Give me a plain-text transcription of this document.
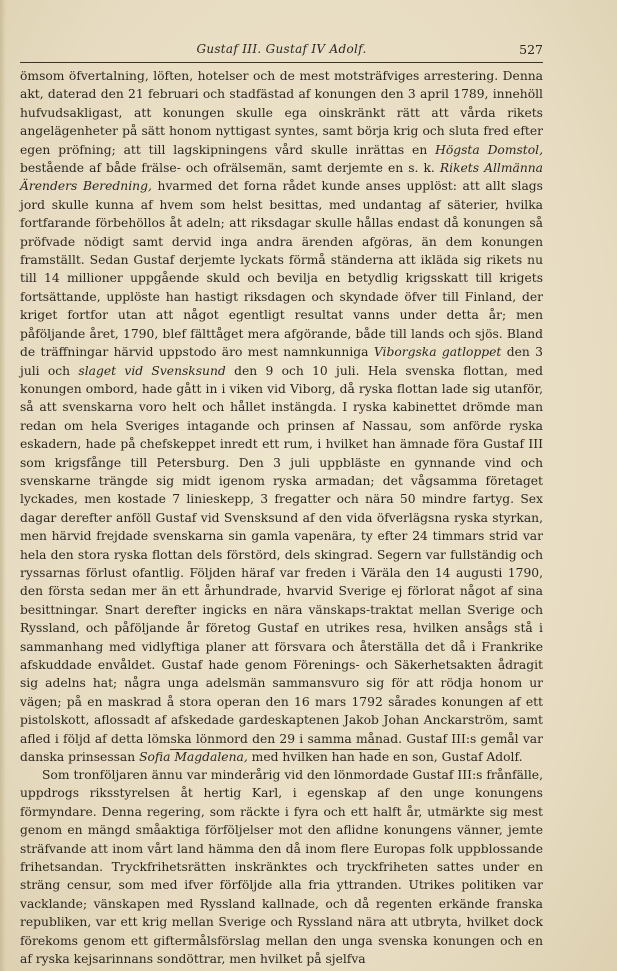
Gustaf III. Gustaf IV Adolf.	527

ömsom öfvertalning, löften, hotelser och de mest motsträfviges arrestering. Denna akt, daterad den 21 februari och stadfästad af konungen den 3 april 1789, innehöll hufvudsakligast, att konungen skulle ega oinskränkt rätt att vårda rikets angelägenheter på sätt honom nyttigast syntes, samt börja krig och sluta fred efter egen pröfning; att till lagskipningens vård skulle inrättas en Högsta Domstol, bestående af både frälse- och ofrälsemän, samt derjemte en s. k. Rikets Allmänna Ärenders Beredning, hvarmed det forna rådet kunde anses upplöst: att allt slags jord skulle kunna af hvem som helst besittas, med undantag af säterier, hvilka fortfarande förbehöllos åt adeln; att riksdagar skulle hållas endast då konungen så pröfvade nödigt samt dervid inga andra ärenden afgöras, än dem konungen framställt. Sedan Gustaf derjemte lyckats förmå ständerna att ikläda sig rikets nu till 14 millioner uppgående skuld och bevilja en betydlig krigsskatt till krigets fortsättande, upplöste han hastigt riksdagen och skyndade öfver till Finland, der kriget fortfor utan att något egentligt resultat vanns under detta år; men påföljande året, 1790, blef fälttåget mera afgörande, både till lands och sjös. Bland de träffningar härvid uppstodo äro mest namnkunniga Viborgska gatloppet den 3 juli och slaget vid Svensksund den 9 och 10 juli. Hela svenska flottan, med konungen ombord, hade gått in i viken vid Viborg, då ryska flottan lade sig utanför, så att svenskarna voro helt och hållet instängda. I ryska kabinettet drömde man redan om hela Sveriges intagande och prinsen af Nassau, som anförde ryska eskadern, hade på chefskeppet inredt ett rum, i hvilket han ämnade föra Gustaf III som krigsfånge till Petersburg. Den 3 juli uppbläste en gynnande vind och svenskarne trängde sig midt igenom ryska armadan; det vågsamma företaget lyckades, men kostade 7 linieskepp, 3 fregatter och nära 50 mindre fartyg. Sex dagar derefter anföll Gustaf vid Svensksund af den vida öfverlägsna ryska styrkan, men härvid frejdade svenskarna sin gamla vapenära, ty efter 24 timmars strid var hela den stora ryska flottan dels förstörd, dels skingrad. Segern var fullständig och ryssarnas förlust ofantlig. Följden häraf var freden i Väräla den 14 augusti 1790, den första sedan mer än ett århundrade, hvarvid Sverige ej förlorat något af sina besittningar. Snart derefter ingicks en nära vänskaps-traktat mellan Sverige och Ryssland, och påföljande år företog Gustaf en utrikes resa, hvilken ansågs stå i sammanhang med vidlyftiga planer att försvara och återställa det då i Frankrike afskuddade envåldet. Gustaf hade genom Förenings- och Säkerhetsakten ådragit sig adelns hat; några unga adelsmän sammansvuro sig för att rödja honom ur vägen; på en maskrad å stora operan den 16 mars 1792 sårades konungen af ett pistolskott, aflossadt af afskedade gardeskaptenen Jakob Johan Anckarström, samt afled i följd af detta lömska lönmord den 29 i samma månad. Gustaf III:s gemål var danska prinsessan Sofia Magdalena, med hvilken han hade en son, Gustaf Adolf.

Som tronföljaren ännu var minderårig vid den lönmordade Gustaf III:s frånfälle, uppdrogs riksstyrelsen åt hertig Karl, i egenskap af den unge konungens förmyndare. Denna regering, som räckte i fyra och ett halft år, utmärkte sig mest genom en mängd småaktiga förföljelser mot den aflidne konungens vänner, jemte sträfvande att inom vårt land hämma den då inom flere Europas folk uppblossande frihetsandan. Tryckfrihetsrätten inskränktes och tryckfriheten sattes under en sträng censur, som med ifver förföljde alla fria yttranden. Utrikes politiken var vacklande; vänskapen med Ryssland kallnade, och då regenten erkände franska republiken, var ett krig mellan Sverige och Ryssland nära att utbryta, hvilket dock förekoms genom ett giftermålsförslag mellan den unga svenska konungen och en af ryska kejsarinnans sondöttrar, men hvilket på sjelfva
